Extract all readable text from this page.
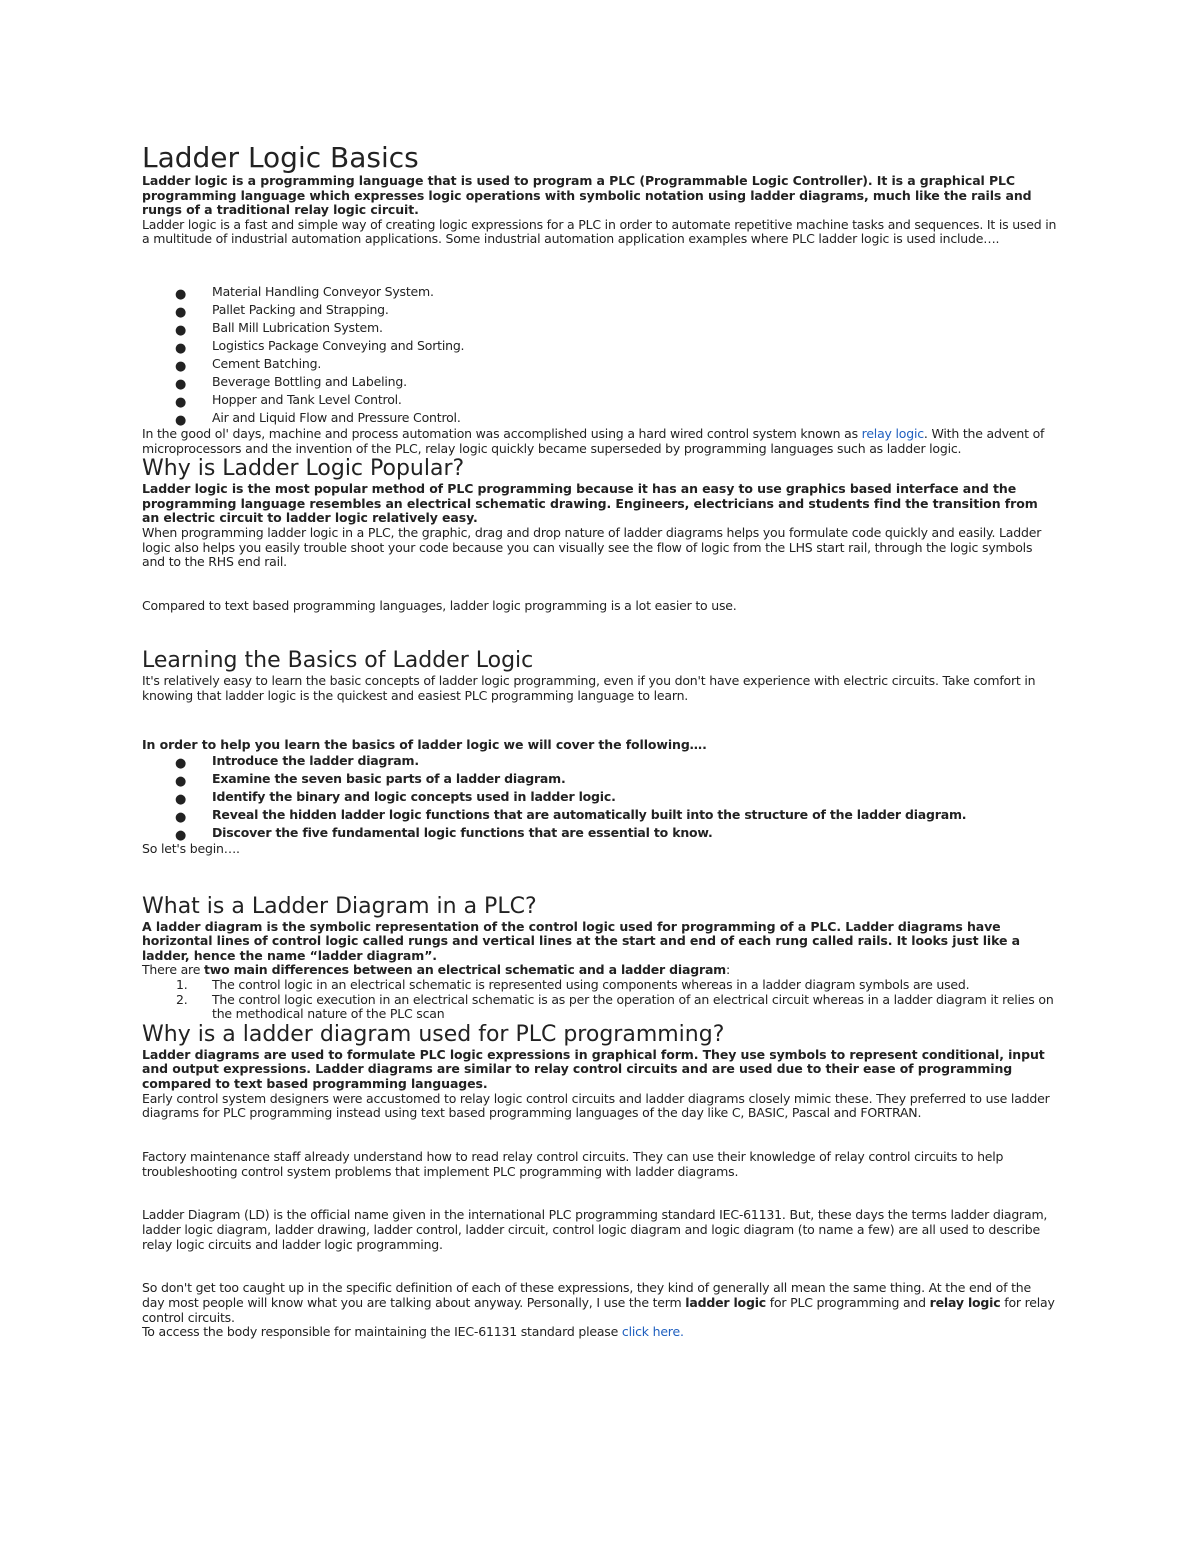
Ladder Logic Basics

Ladder logic is a programming language that is used to program a PLC (Programmable Logic Controller). It is a graphical PLC programming language which expresses logic operations with symbolic notation using ladder diagrams, much like the rails and rungs of a traditional relay logic circuit.

Ladder logic is a fast and simple way of creating logic expressions for a PLC in order to automate repetitive machine tasks and sequences. It is used in a multitude of industrial automation applications. Some industrial automation application examples where PLC ladder logic is used include….

● Material Handling Conveyor System.
● Pallet Packing and Strapping.
● Ball Mill Lubrication System.
● Logistics Package Conveying and Sorting.
● Cement Batching.
● Beverage Bottling and Labeling.
● Hopper and Tank Level Control.
● Air and Liquid Flow and Pressure Control.

In the good ol' days, machine and process automation was accomplished using a hard wired control system known as relay logic. With the advent of microprocessors and the invention of the PLC, relay logic quickly became superseded by programming languages such as ladder logic.

Why is Ladder Logic Popular?

Ladder logic is the most popular method of PLC programming because it has an easy to use graphics based interface and the programming language resembles an electrical schematic drawing. Engineers, electricians and students find the transition from an electric circuit to ladder logic relatively easy.

When programming ladder logic in a PLC, the graphic, drag and drop nature of ladder diagrams helps you formulate code quickly and easily. Ladder logic also helps you easily trouble shoot your code because you can visually see the flow of logic from the LHS start rail, through the logic symbols and to the RHS end rail.

Compared to text based programming languages, ladder logic programming is a lot easier to use.

Learning the Basics of Ladder Logic

It's relatively easy to learn the basic concepts of ladder logic programming, even if you don't have experience with electric circuits. Take comfort in knowing that ladder logic is the quickest and easiest PLC programming language to learn.

In order to help you learn the basics of ladder logic we will cover the following….

● Introduce the ladder diagram.
● Examine the seven basic parts of a ladder diagram.
● Identify the binary and logic concepts used in ladder logic.
● Reveal the hidden ladder logic functions that are automatically built into the structure of the ladder diagram.
● Discover the five fundamental logic functions that are essential to know.

So let's begin….

What is a Ladder Diagram in a PLC?

A ladder diagram is the symbolic representation of the control logic used for programming of a PLC. Ladder diagrams have horizontal lines of control logic called rungs and vertical lines at the start and end of each rung called rails. It looks just like a ladder, hence the name “ladder diagram”.

There are two main differences between an electrical schematic and a ladder diagram:

1. The control logic in an electrical schematic is represented using components whereas in a ladder diagram symbols are used.
2. The control logic execution in an electrical schematic is as per the operation of an electrical circuit whereas in a ladder diagram it relies on the methodical nature of the PLC scan
Why is a ladder diagram used for PLC programming?

Ladder diagrams are used to formulate PLC logic expressions in graphical form. They use symbols to represent conditional, input and output expressions. Ladder diagrams are similar to relay control circuits and are used due to their ease of programming compared to text based programming languages.

Early control system designers were accustomed to relay logic control circuits and ladder diagrams closely mimic these. They preferred to use ladder diagrams for PLC programming instead using text based programming languages of the day like C, BASIC, Pascal and FORTRAN.

Factory maintenance staff already understand how to read relay control circuits. They can use their knowledge of relay control circuits to help troubleshooting control system problems that implement PLC programming with ladder diagrams.

Ladder Diagram (LD) is the official name given in the international PLC programming standard IEC-61131. But, these days the terms ladder diagram, ladder logic diagram, ladder drawing, ladder control, ladder circuit, control logic diagram and logic diagram (to name a few) are all used to describe relay logic circuits and ladder logic programming.

So don't get too caught up in the specific definition of each of these expressions, they kind of generally all mean the same thing. At the end of the day most people will know what you are talking about anyway. Personally, I use the term ladder logic for PLC programming and relay logic for relay control circuits.

To access the body responsible for maintaining the IEC-61131 standard please click here.
